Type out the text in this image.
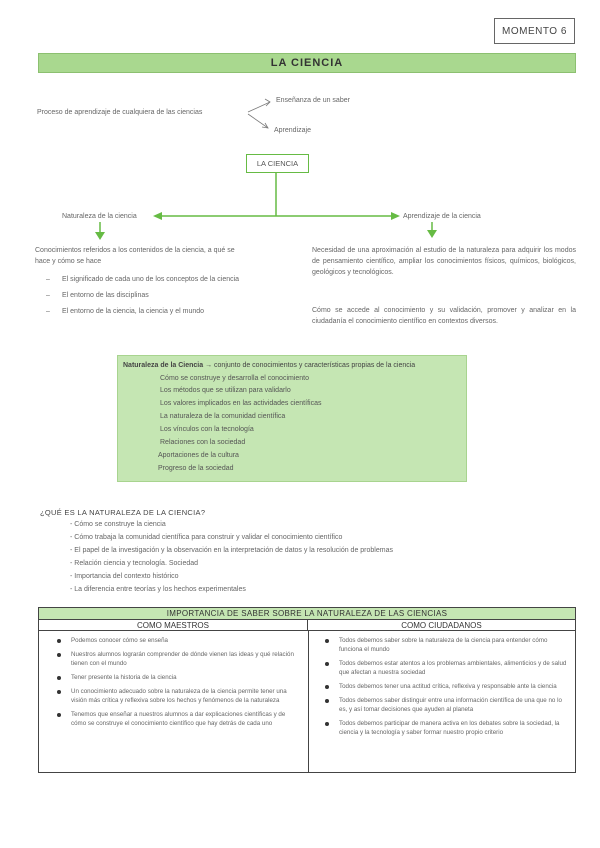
MOMENTO 6
LA CIENCIA
Proceso de aprendizaje de cualquiera de las ciencias
Enseñanza de un saber
Aprendizaje
LA CIENCIA
Naturaleza de la ciencia	Aprendizaje de la ciencia
Conocimientos referidos a los contenidos de la ciencia, a qué se hace y cómo se hace
– El significado de cada uno de los conceptos de la ciencia
– El entorno de las disciplinas
– El entorno de la ciencia, la ciencia y el mundo
Necesidad de una aproximación al estudio de la naturaleza para adquirir los modos de pensamiento científico, ampliar los conocimientos físicos, químicos, biológicos, geológicos y tecnológicos.
Cómo se accede al conocimiento y su validación, promover y analizar en la ciudadanía el conocimiento científico en contextos diversos.
Naturaleza de la Ciencia → conjunto de conocimientos y características propias de la ciencia
Cómo se construye y desarrolla el conocimiento
Los métodos que se utilizan para validarlo
Los valores implicados en las actividades científicas
La naturaleza de la comunidad científica
Los vínculos con la tecnología
Relaciones con la sociedad
Aportaciones de la cultura
Progreso de la sociedad
¿QUÉ ES LA NATURALEZA DE LA CIENCIA?
- Cómo se construye la ciencia
- Cómo trabaja la comunidad científica para construir y validar el conocimiento científico
- El papel de la investigación y la observación en la interpretación de datos y la resolución de problemas
- Relación ciencia y tecnología. Sociedad
- Importancia del contexto histórico
- La diferencia entre teorías y los hechos experimentales
IMPORTANCIA DE SABER SOBRE LA NATURALEZA DE LAS CIENCIAS
COMO MAESTROS	COMO CIUDADANOS
Podemos conocer cómo se enseña
Nuestros alumnos lograrán comprender de dónde vienen las ideas y qué relación tienen con el mundo
Tener presente la historia de la ciencia
Un conocimiento adecuado sobre la naturaleza de la ciencia permite tener una visión más crítica y reflexiva sobre los hechos y fenómenos de la naturaleza
Tenemos que enseñar a nuestros alumnos a dar explicaciones científicas y de cómo se construye el conocimiento científico que hay detrás de cada uno
Todos debemos saber sobre la naturaleza de la ciencia para entender cómo funciona el mundo
Todos debemos estar atentos a los problemas ambientales, alimenticios y de salud que afectan a nuestra sociedad
Todos debemos tener una actitud crítica, reflexiva y responsable ante la ciencia
Todos debemos saber distinguir entre una información científica de una que no lo es, y así tomar decisiones que ayuden al planeta
Todos debemos participar de manera activa en los debates sobre la sociedad, la ciencia y la tecnología y saber formar nuestro propio criterio
